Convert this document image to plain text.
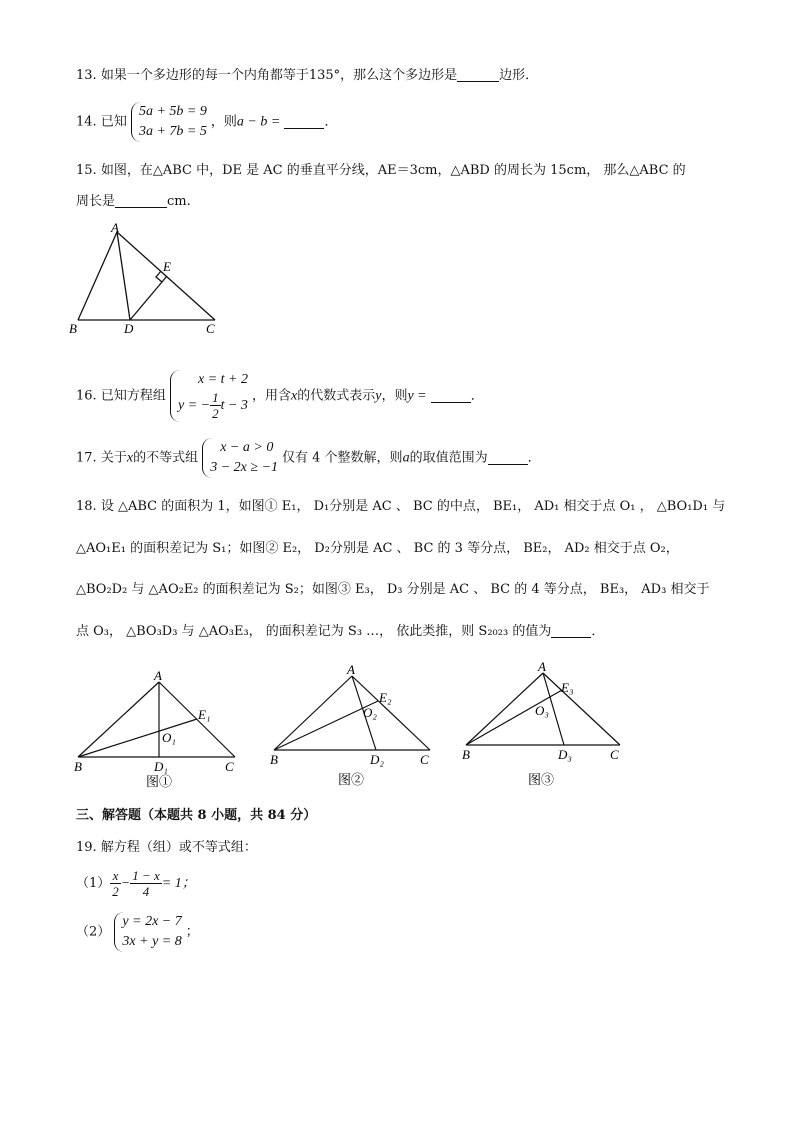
13. 如果一个多边形的每一个内角都等于135°，那么这个多边形是	边形．
14. 已知
5a + 5b = 9
3a + 7b = 5
，则a − b =	．
15. 如图，在△ABC 中，DE 是 AC 的垂直平分线，AE＝3cm，△ABD 的周长为 15cm， 那么△ABC 的
周长是	cm.
A
B	D	C
E
16. 已知方程组
x = t + 2
y = − $\frac{1}{2}$ t − 3
，用含x的代数式表示y，则y =	．
17. 关于x的不等式组
x − a > 0
3 − 2x ≥ −1
仅有 4 个整数解，则a的取值范围为	．
18. 设 △ABC 的面积为 1，如图① E₁， D₁分别是 AC 、 BC 的中点， BE₁， AD₁ 相交于点 O₁ ， △BO₁D₁ 与
△AO₁E₁ 的面积差记为 S₁；如图② E₂， D₂分别是 AC 、 BC 的 3 等分点， BE₂， AD₂ 相交于点 O₂，
△BO₂D₂ 与 △AO₂E₂ 的面积差记为 S₂；如图③ E₃， D₃ 分别是 AC 、 BC 的 4 等分点， BE₃， AD₃ 相交于
点 O₃， △BO₃D₃ 与 △AO₃E₃， 的面积差记为 S₃ …， 依此类推，则 S₂₀₂₃ 的值为	．
A
B	C
D₁
E₁
O₁
图①
A
B	C
D₂
E₂
O₂
图②
A
B	C
D₃
E₃
O₃
图③
三、解答题（本题共 8 小题，共 84 分）
19. 解方程（组）或不等式组：
$(1) \frac{x}{2} - \frac{1 - x}{4} = 1$；
（2）
y = 2x − 7
3x + y = 8
；
